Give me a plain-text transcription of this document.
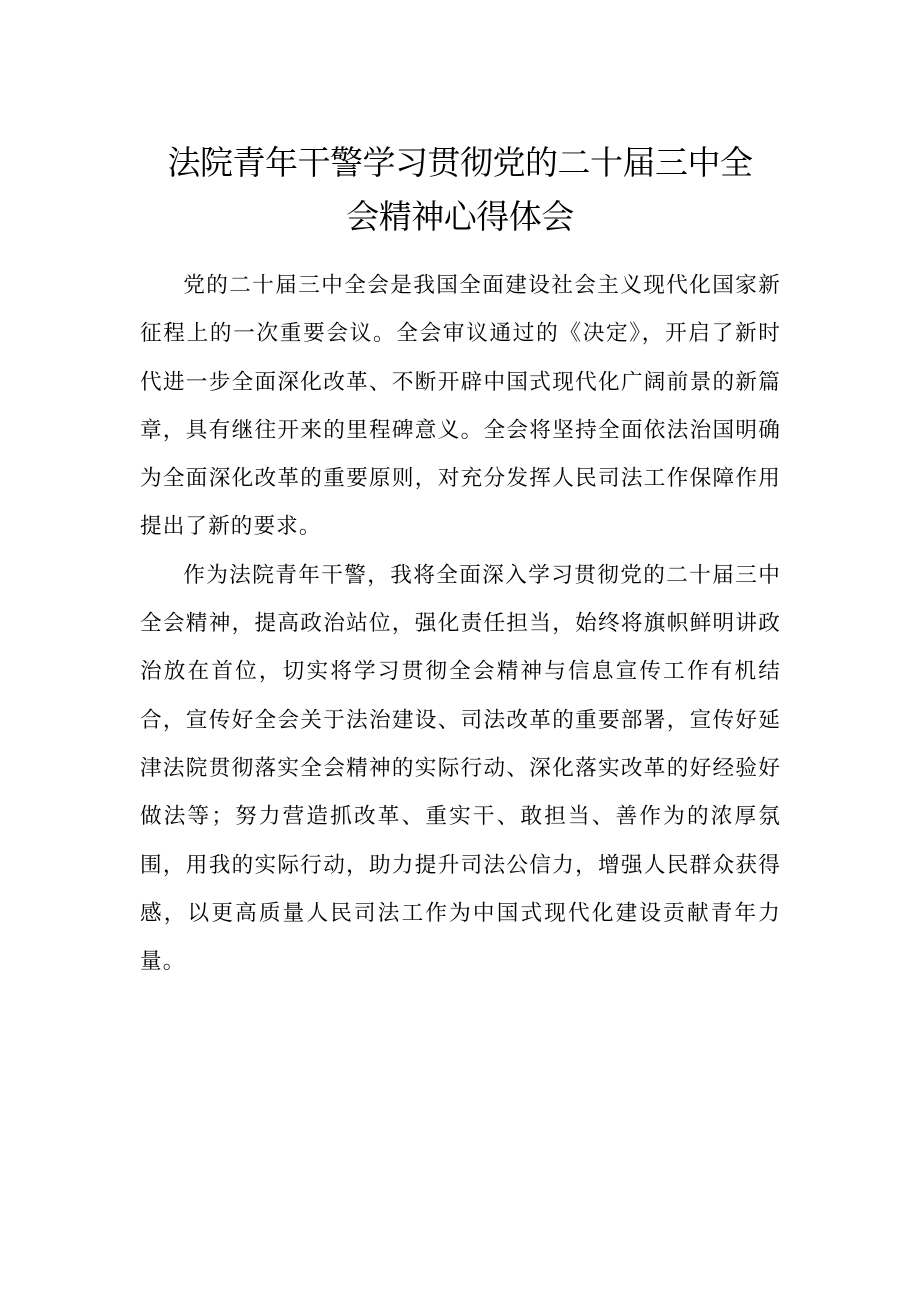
法院青年干警学习贯彻党的二十届三中全
会精神心得体会

党的二十届三中全会是我国全面建设社会主义现代化国家新征程上的一次重要会议。全会审议通过的《决定》，开启了新时代进一步全面深化改革、不断开辟中国式现代化广阔前景的新篇章，具有继往开来的里程碑意义。全会将坚持全面依法治国明确为全面深化改革的重要原则，对充分发挥人民司法工作保障作用提出了新的要求。

作为法院青年干警，我将全面深入学习贯彻党的二十届三中全会精神，提高政治站位，强化责任担当，始终将旗帜鲜明讲政治放在首位，切实将学习贯彻全会精神与信息宣传工作有机结合，宣传好全会关于法治建设、司法改革的重要部署，宣传好延津法院贯彻落实全会精神的实际行动、深化落实改革的好经验好做法等；努力营造抓改革、重实干、敢担当、善作为的浓厚氛围，用我的实际行动，助力提升司法公信力，增强人民群众获得感，以更高质量人民司法工作为中国式现代化建设贡献青年力量。
